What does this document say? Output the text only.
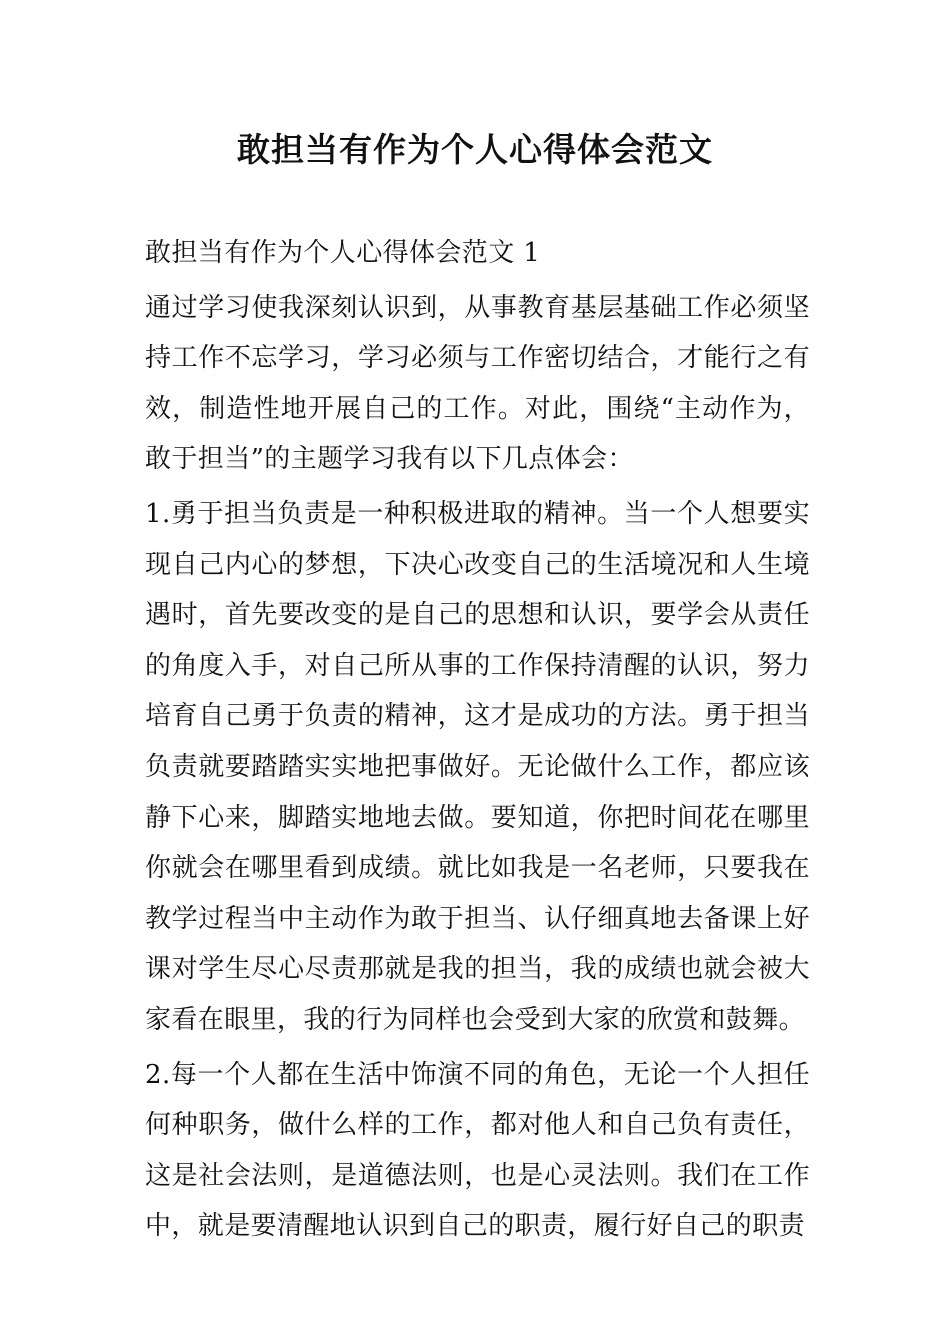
敢担当有作为个人心得体会范文

敢担当有作为个人心得体会范文 1

通过学习使我深刻认识到，从事教育基层基础工作必须坚持工作不忘学习，学习必须与工作密切结合，才能行之有效，制造性地开展自己的工作。对此，围绕“主动作为，敢于担当”的主题学习我有以下几点体会：

1.勇于担当负责是一种积极进取的精神。当一个人想要实现自己内心的梦想，下决心改变自己的生活境况和人生境遇时，首先要改变的是自己的思想和认识，要学会从责任的角度入手，对自己所从事的工作保持清醒的认识，努力培育自己勇于负责的精神，这才是成功的方法。勇于担当负责就要踏踏实实地把事做好。无论做什么工作，都应该静下心来，脚踏实地地去做。要知道，你把时间花在哪里你就会在哪里看到成绩。就比如我是一名老师，只要我在教学过程当中主动作为敢于担当、认仔细真地去备课上好课对学生尽心尽责那就是我的担当，我的成绩也就会被大家看在眼里，我的行为同样也会受到大家的欣赏和鼓舞。

2.每一个人都在生活中饰演不同的角色，无论一个人担任何种职务，做什么样的工作，都对他人和自己负有责任，这是社会法则，是道德法则，也是心灵法则。我们在工作中，就是要清醒地认识到自己的职责，履行好自己的职责
